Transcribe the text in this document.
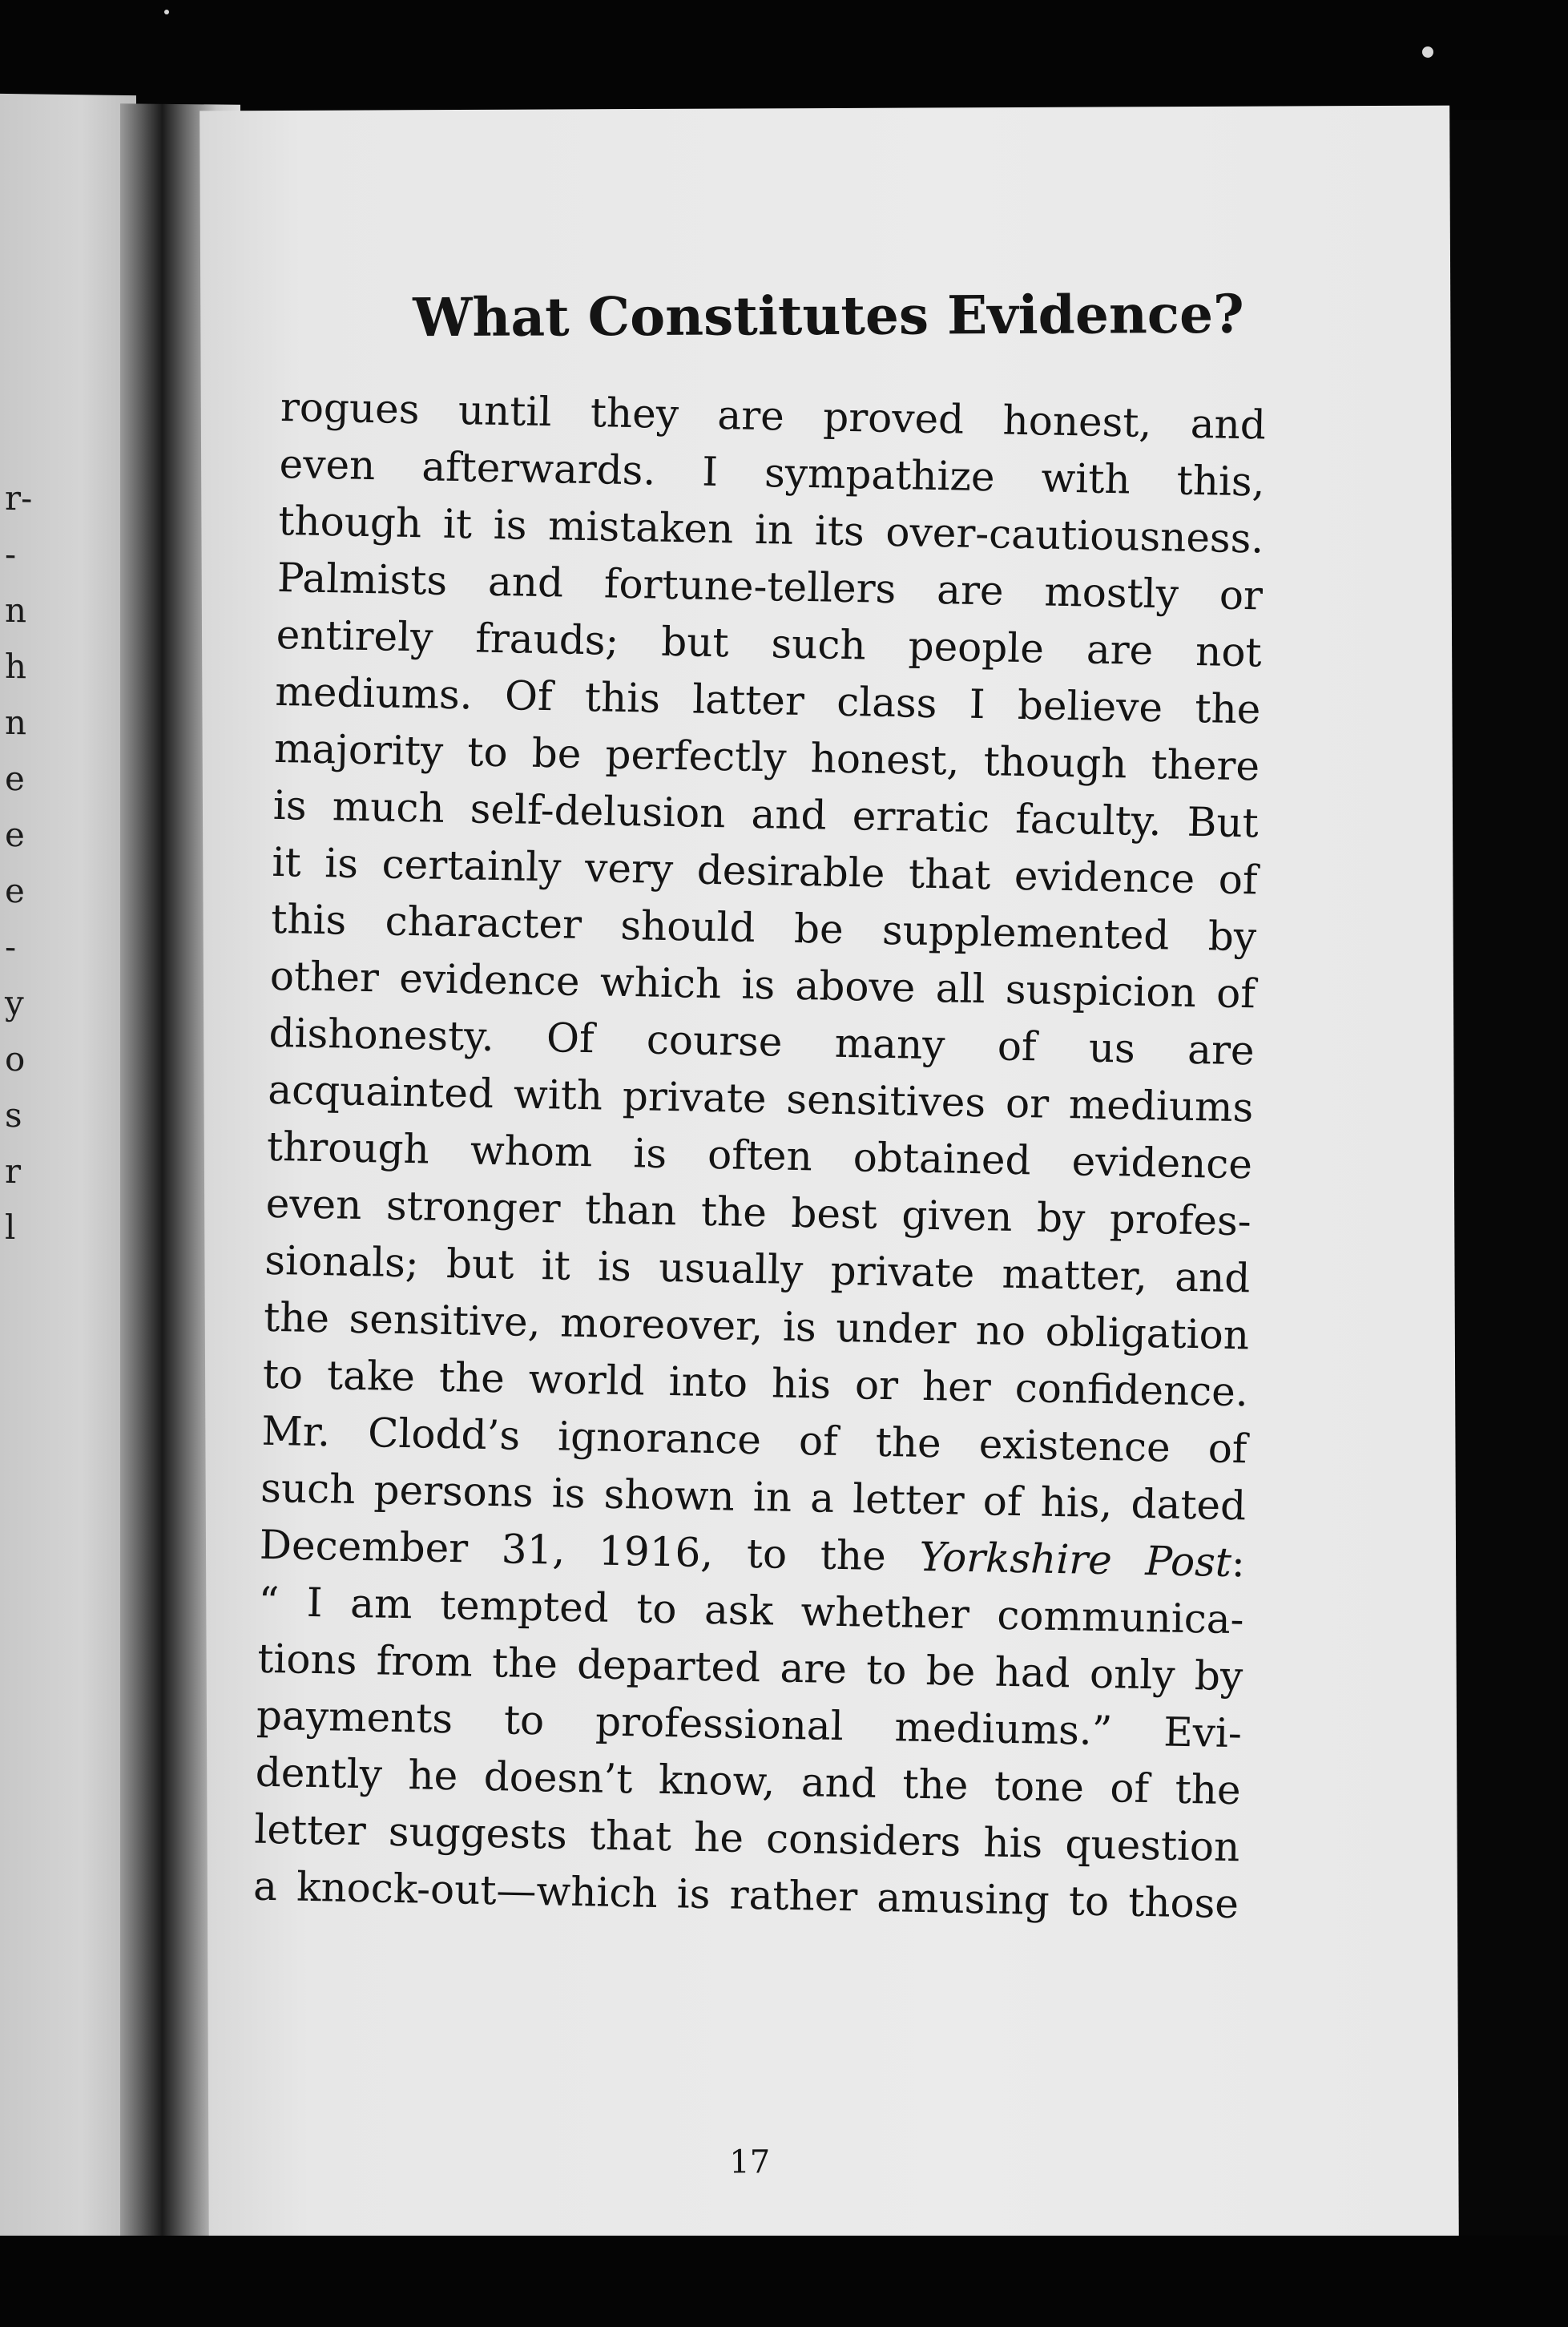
r-
-
n
h
n
e
e
e
-
y
o
s
r
l
What Constitutes Evidence?
rogues until they are proved honest, and
even afterwards. I sympathize with this,
though it is mistaken in its over-cautiousness.
Palmists and fortune-tellers are mostly or
entirely frauds; but such people are not
mediums. Of this latter class I believe the
majority to be perfectly honest, though there
is much self-delusion and erratic faculty. But
it is certainly very desirable that evidence of
this character should be supplemented by
other evidence which is above all suspicion of
dishonesty. Of course many of us are
acquainted with private sensitives or mediums
through whom is often obtained evidence
even stronger than the best given by profes-
sionals; but it is usually private matter, and
the sensitive, moreover, is under no obligation
to take the world into his or her confidence.
Mr. Clodd’s ignorance of the existence of
such persons is shown in a letter of his, dated
December 31, 1916, to the Yorkshire Post:
“ I am tempted to ask whether communica-
tions from the departed are to be had only by
payments to professional mediums.” Evi-
dently he doesn’t know, and the tone of the
letter suggests that he considers his question
a knock-out—which is rather amusing to those
17
